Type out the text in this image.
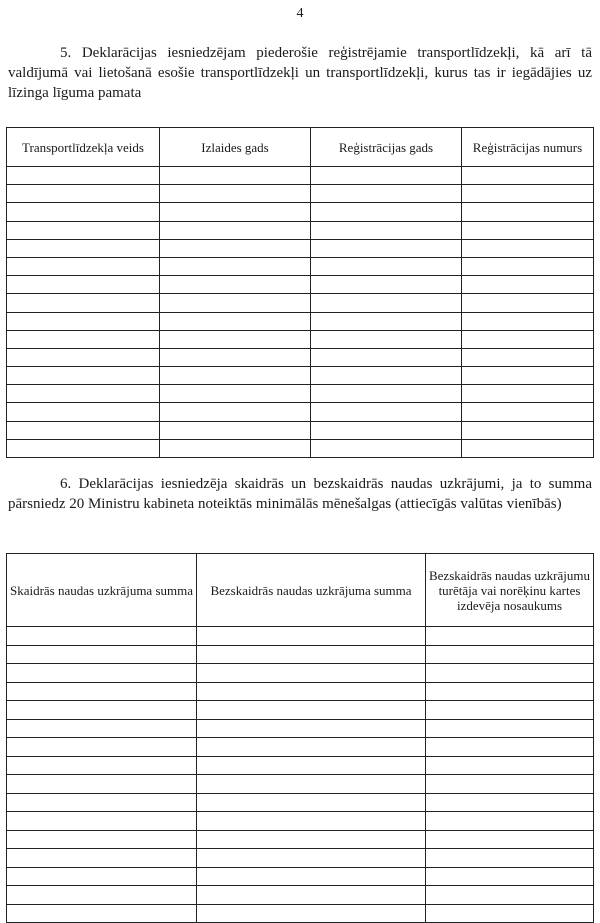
4

5. Deklarācijas iesniedzējam piederošie reģistrējamie transportlīdzekļi, kā arī tā valdījumā vai lietošanā esošie transportlīdzekļi un transportlīdzekļi, kurus tas ir iegādājies uz līzinga līguma pamata

Transportlīdzekļa veids	Izlaides gads	Reģistrācijas gads	Reģistrācijas numurs

6. Deklarācijas iesniedzēja skaidrās un bezskaidrās naudas uzkrājumi, ja to summa pārsniedz 20 Ministru kabineta noteiktās minimālās mēnešalgas (attiecīgās valūtas vienībās)

Skaidrās naudas uzkrājuma summa	Bezskaidrās naudas uzkrājuma summa	Bezskaidrās naudas uzkrājumu turētāja vai norēķinu kartes izdevēja nosaukums
